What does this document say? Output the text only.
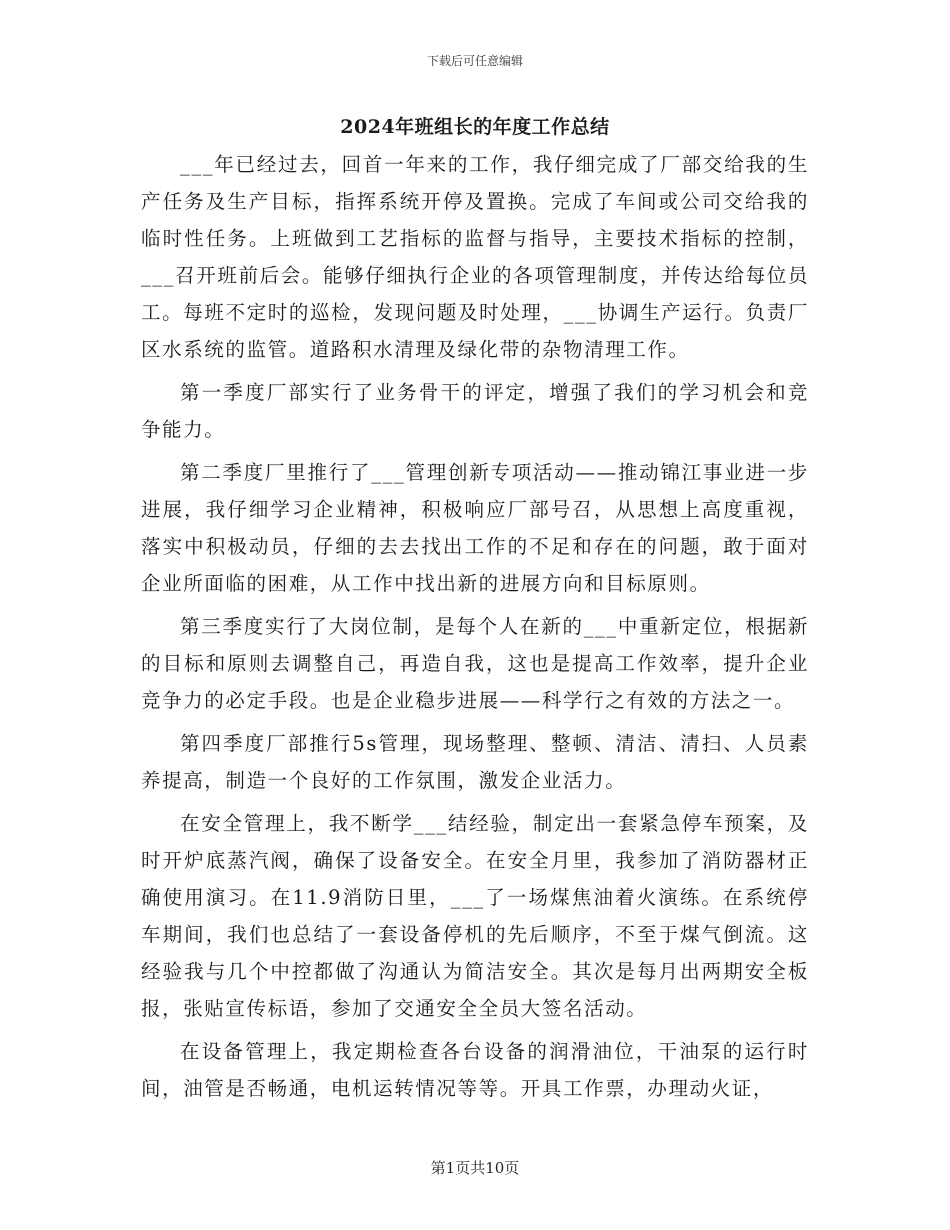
下载后可任意编辑
2024年班组长的年度工作总结

___年已经过去，回首一年来的工作，我仔细完成了厂部交给我的生产任务及生产目标，指挥系统开停及置换。完成了车间或公司交给我的临时性任务。上班做到工艺指标的监督与指导，主要技术指标的控制，___召开班前后会。能够仔细执行企业的各项管理制度，并传达给每位员工。每班不定时的巡检，发现问题及时处理，___协调生产运行。负责厂区水系统的监管。道路积水清理及绿化带的杂物清理工作。

第一季度厂部实行了业务骨干的评定，增强了我们的学习机会和竞争能力。

第二季度厂里推行了___管理创新专项活动——推动锦江事业进一步进展，我仔细学习企业精神，积极响应厂部号召，从思想上高度重视，落实中积极动员，仔细的去去找出工作的不足和存在的问题，敢于面对企业所面临的困难，从工作中找出新的进展方向和目标原则。

第三季度实行了大岗位制，是每个人在新的___中重新定位，根据新的目标和原则去调整自己，再造自我，这也是提高工作效率，提升企业竞争力的必定手段。也是企业稳步进展——科学行之有效的方法之一。

第四季度厂部推行5s管理，现场整理、整顿、清洁、清扫、人员素养提高，制造一个良好的工作氛围，激发企业活力。

在安全管理上，我不断学___结经验，制定出一套紧急停车预案，及时开炉底蒸汽阀，确保了设备安全。在安全月里，我参加了消防器材正确使用演习。在11.9消防日里，___了一场煤焦油着火演练。在系统停车期间，我们也总结了一套设备停机的先后顺序，不至于煤气倒流。这经验我与几个中控都做了沟通认为简洁安全。其次是每月出两期安全板报，张贴宣传标语，参加了交通安全全员大签名活动。

在设备管理上，我定期检查各台设备的润滑油位，干油泵的运行时间，油管是否畅通，电机运转情况等等。开具工作票，办理动火证，

第1页共10页
